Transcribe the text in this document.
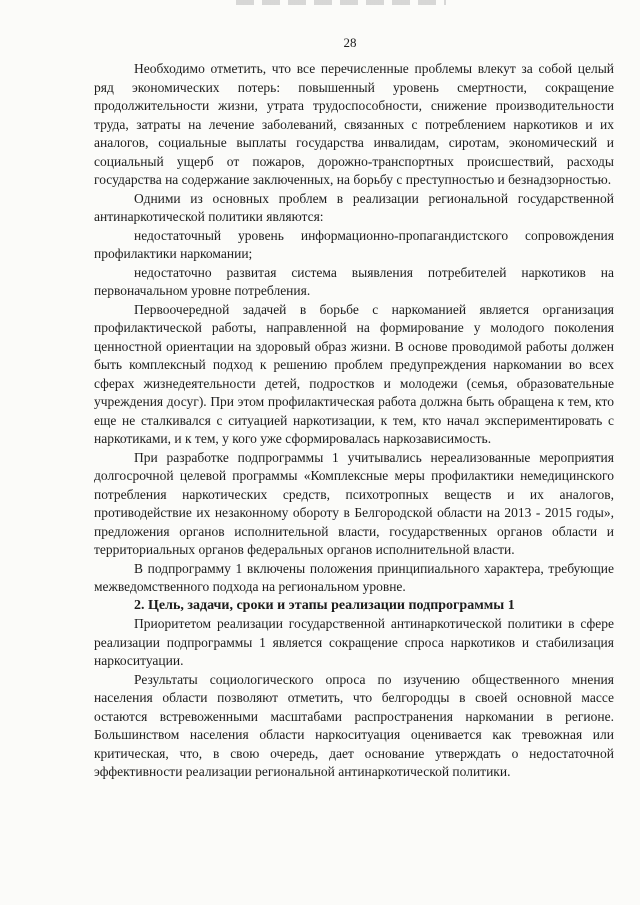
28

Необходимо отметить, что все перечисленные проблемы влекут за собой целый ряд экономических потерь: повышенный уровень смертности, сокращение продолжительности жизни, утрата трудоспособности, снижение производительности труда, затраты на лечение заболеваний, связанных с потреблением наркотиков и их аналогов, социальные выплаты государства инвалидам, сиротам, экономический и социальный ущерб от пожаров, дорожно-транспортных происшествий, расходы государства на содержание заключенных, на борьбу с преступностью и безнадзорностью.

Одними из основных проблем в реализации региональной государственной антинаркотической политики являются:

недостаточный уровень информационно-пропагандистского сопровождения профилактики наркомании;

недостаточно развитая система выявления потребителей наркотиков на первоначальном уровне потребления.

Первоочередной задачей в борьбе с наркоманией является организация профилактической работы, направленной на формирование у молодого поколения ценностной ориентации на здоровый образ жизни. В основе проводимой работы должен быть комплексный подход к решению проблем предупреждения наркомании во всех сферах жизнедеятельности детей, подростков и молодежи (семья, образовательные учреждения досуг). При этом профилактическая работа должна быть обращена к тем, кто еще не сталкивался с ситуацией наркотизации, к тем, кто начал экспериментировать с наркотиками, и к тем, у кого уже сформировалась наркозависимость.

При разработке подпрограммы 1 учитывались нереализованные мероприятия долгосрочной целевой программы «Комплексные меры профилактики немедицинского потребления наркотических средств, психотропных веществ и их аналогов, противодействие их незаконному обороту в Белгородской области на 2013 - 2015 годы», предложения органов исполнительной власти, государственных органов области и территориальных органов федеральных органов исполнительной власти.

В подпрограмму 1 включены положения принципиального характера, требующие межведомственного подхода на региональном уровне.

2. Цель, задачи, сроки и этапы реализации подпрограммы 1

Приоритетом реализации государственной антинаркотической политики в сфере реализации подпрограммы 1 является сокращение спроса наркотиков и стабилизация наркоситуации.

Результаты социологического опроса по изучению общественного мнения населения области позволяют отметить, что белгородцы в своей основной массе остаются встревоженными масштабами распространения наркомании в регионе. Большинством населения области наркоситуация оценивается как тревожная или критическая, что, в свою очередь, дает основание утверждать о недостаточной эффективности реализации региональной антинаркотической политики.
